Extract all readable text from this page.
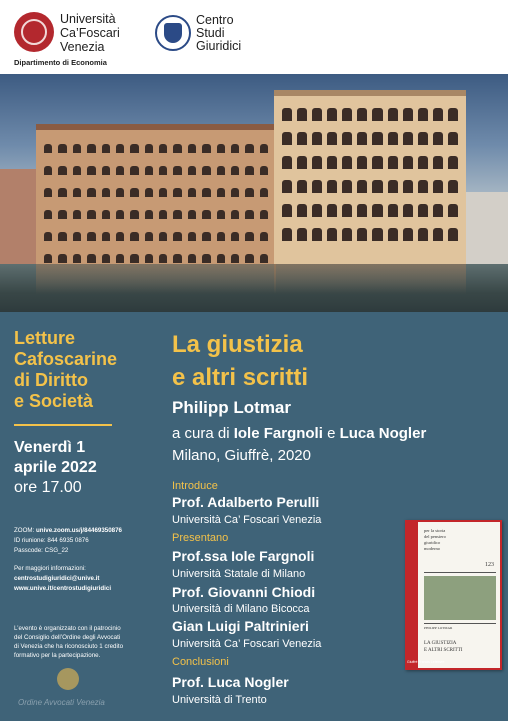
Università
Ca’Foscari
Venezia
Dipartimento di Economia
Centro
Studi
Giuridici
Letture
Cafoscarine
di Diritto
e Società
Venerdì 1
aprile 2022
ore 17.00
ZOOM: unive.zoom.us/j/84469350876
ID riunione: 844 6935 0876
Passcode: CSG_22
Per maggiori informazioni:
centrostudigiuridici@unive.it
www.unive.it/centrostudigiuridici
L’evento è organizzato con il patrocinio
del Consiglio dell’Ordine degli Avvocati
di Venezia che ha riconosciuto 1 credito
formativo per la partecipazione.
Ordine Avvocati Venezia
La giustizia
e altri scritti
Philipp Lotmar
a cura di Iole Fargnoli e Luca Nogler
Milano, Giuffrè, 2020
Introduce
Prof. Adalberto Perulli
Università Ca’ Foscari Venezia
Presentano
Prof.ssa Iole Fargnoli
Università Statale di Milano
Prof. Giovanni Chiodi
Università di Milano Bicocca
Gian Luigi Paltrinieri
Università Ca’ Foscari Venezia
Conclusioni
Prof. Luca Nogler
Università di Trento
per la storia
del pensiero
giuridico
moderno
123
PHILIPP LOTMAR
LA GIUSTIZIA
E ALTRI SCRITTI
Giuffrè Francis Lefebvre
